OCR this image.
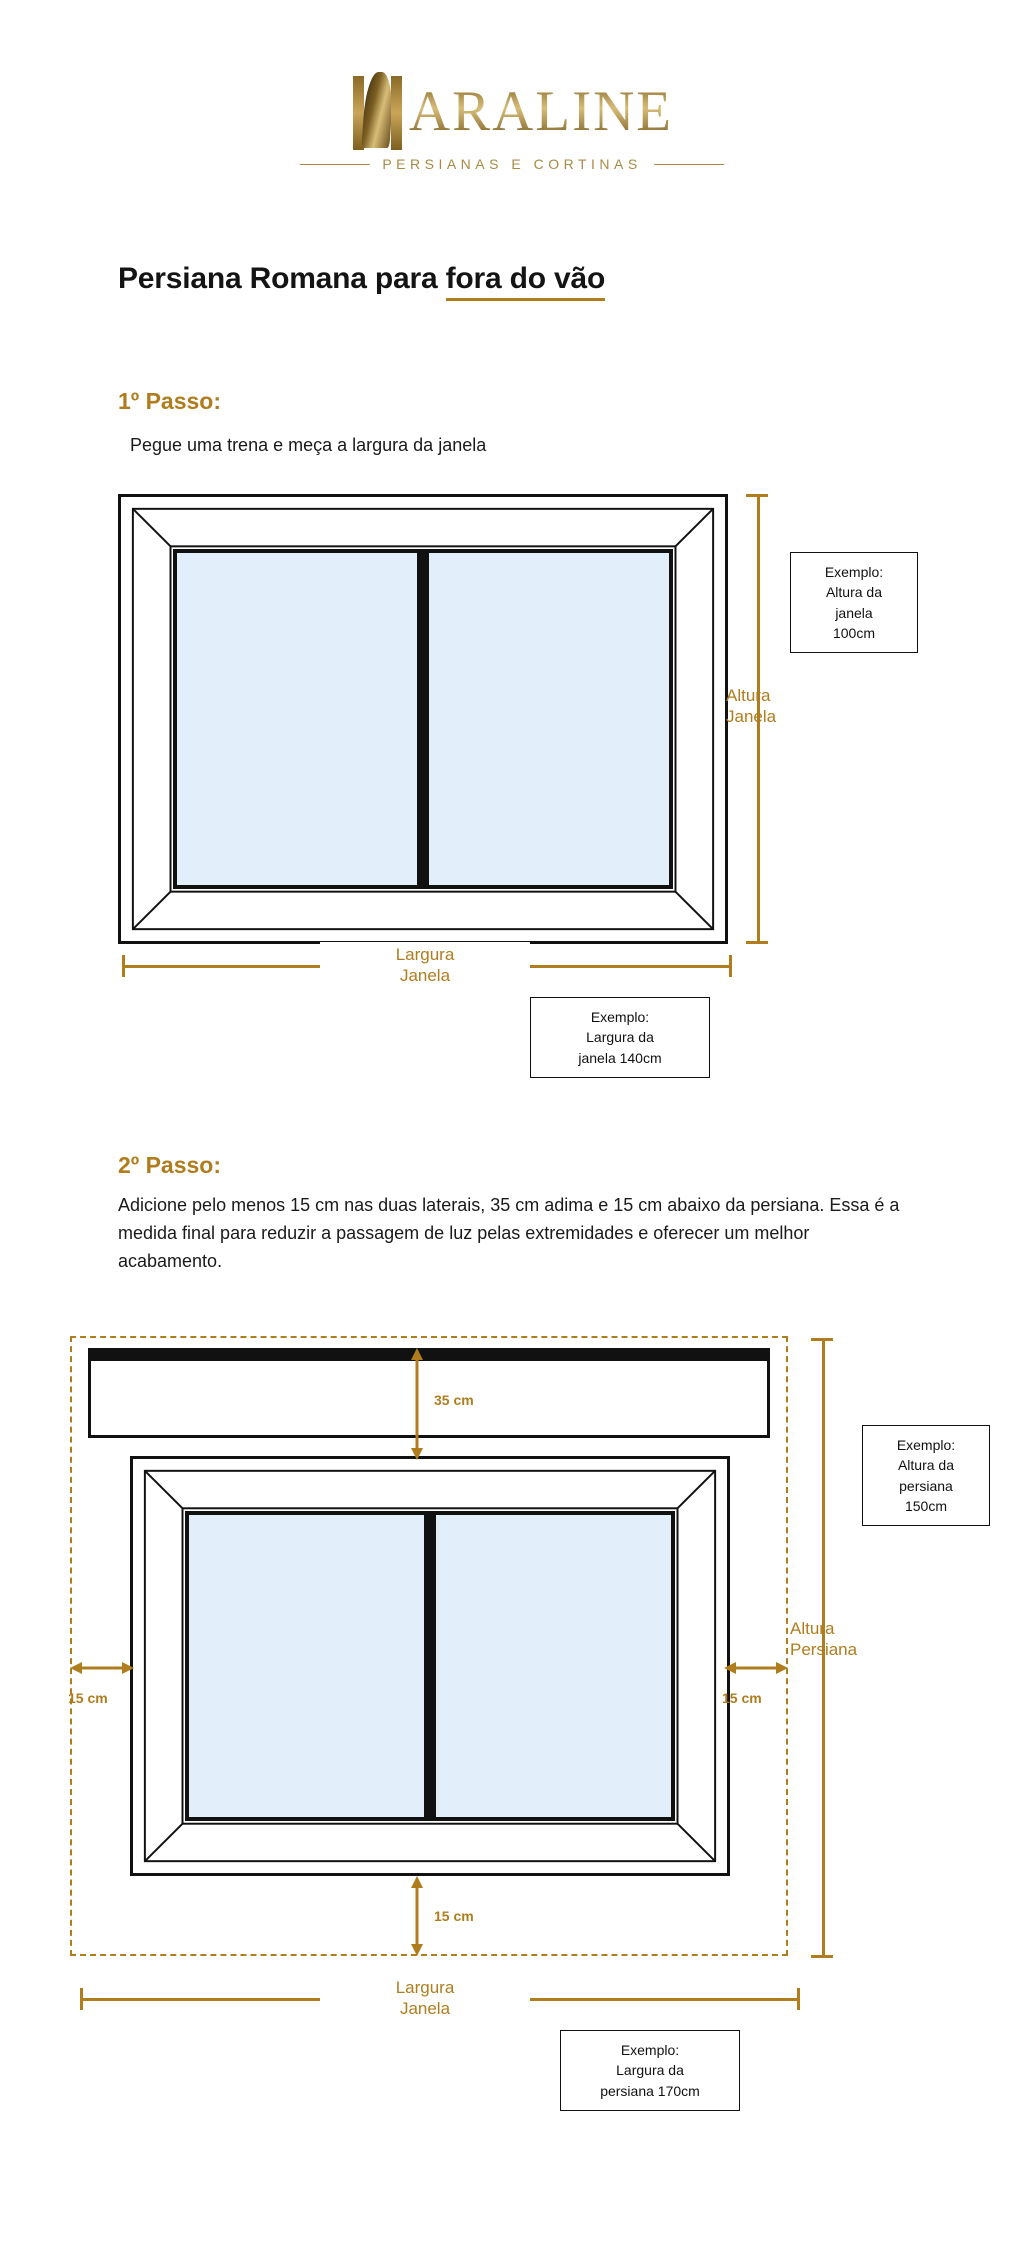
ARALINE
PERSIANAS E CORTINAS
Persiana Romana para fora do vão
1º Passo:
Pegue uma trena e meça a largura da janela
Altura
Janela
Exemplo:
Altura da
janela
100cm
Largura
Janela
Exemplo:
Largura da
janela 140cm
2º Passo:
Adicione pelo menos 15 cm nas duas laterais, 35 cm adima e 15 cm abaixo da persiana. Essa é a medida final para reduzir a passagem de luz pelas extremidades e oferecer um melhor acabamento.
35 cm
15 cm	15 cm
15 cm
Altura
Persiana
Exemplo:
Altura da
persiana
150cm
Largura
Janela
Exemplo:
Largura da
persiana 170cm
